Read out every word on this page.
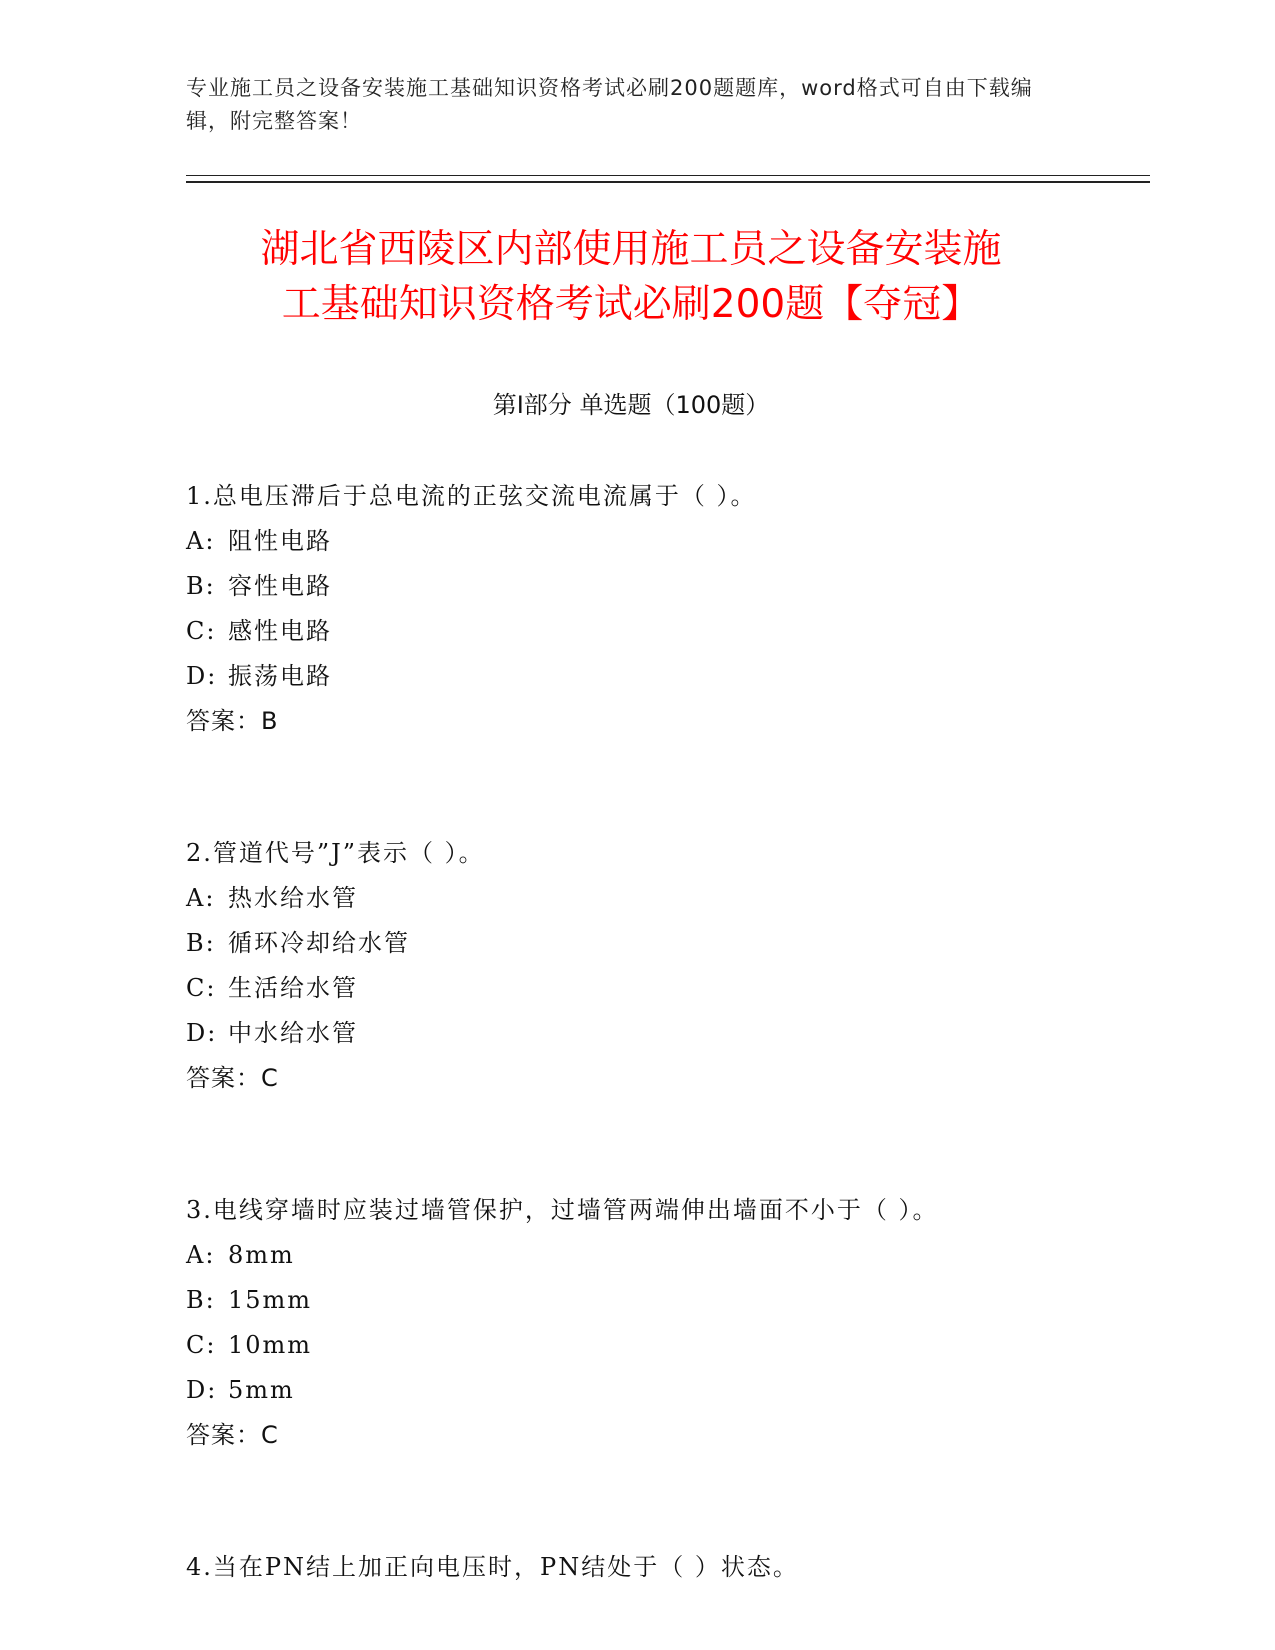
专业施工员之设备安装施工基础知识资格考试必刷200题题库，word格式可自由下载编辑，附完整答案！
湖北省西陵区内部使用施工员之设备安装施
工基础知识资格考试必刷200题【夺冠】
第Ⅰ部分 单选题（100题）
1.总电压滞后于总电流的正弦交流电流属于（ ）。
A: 阻性电路
B: 容性电路
C: 感性电路
D: 振荡电路
答案：B
2.管道代号”J”表示（ ）。
A: 热水给水管
B: 循环冷却给水管
C: 生活给水管
D: 中水给水管
答案：C
3.电线穿墙时应装过墙管保护，过墙管两端伸出墙面不小于（ ）。
A: 8mm
B: 15mm
C: 10mm
D: 5mm
答案：C
4.当在PN结上加正向电压时，PN结处于（ ）状态。
